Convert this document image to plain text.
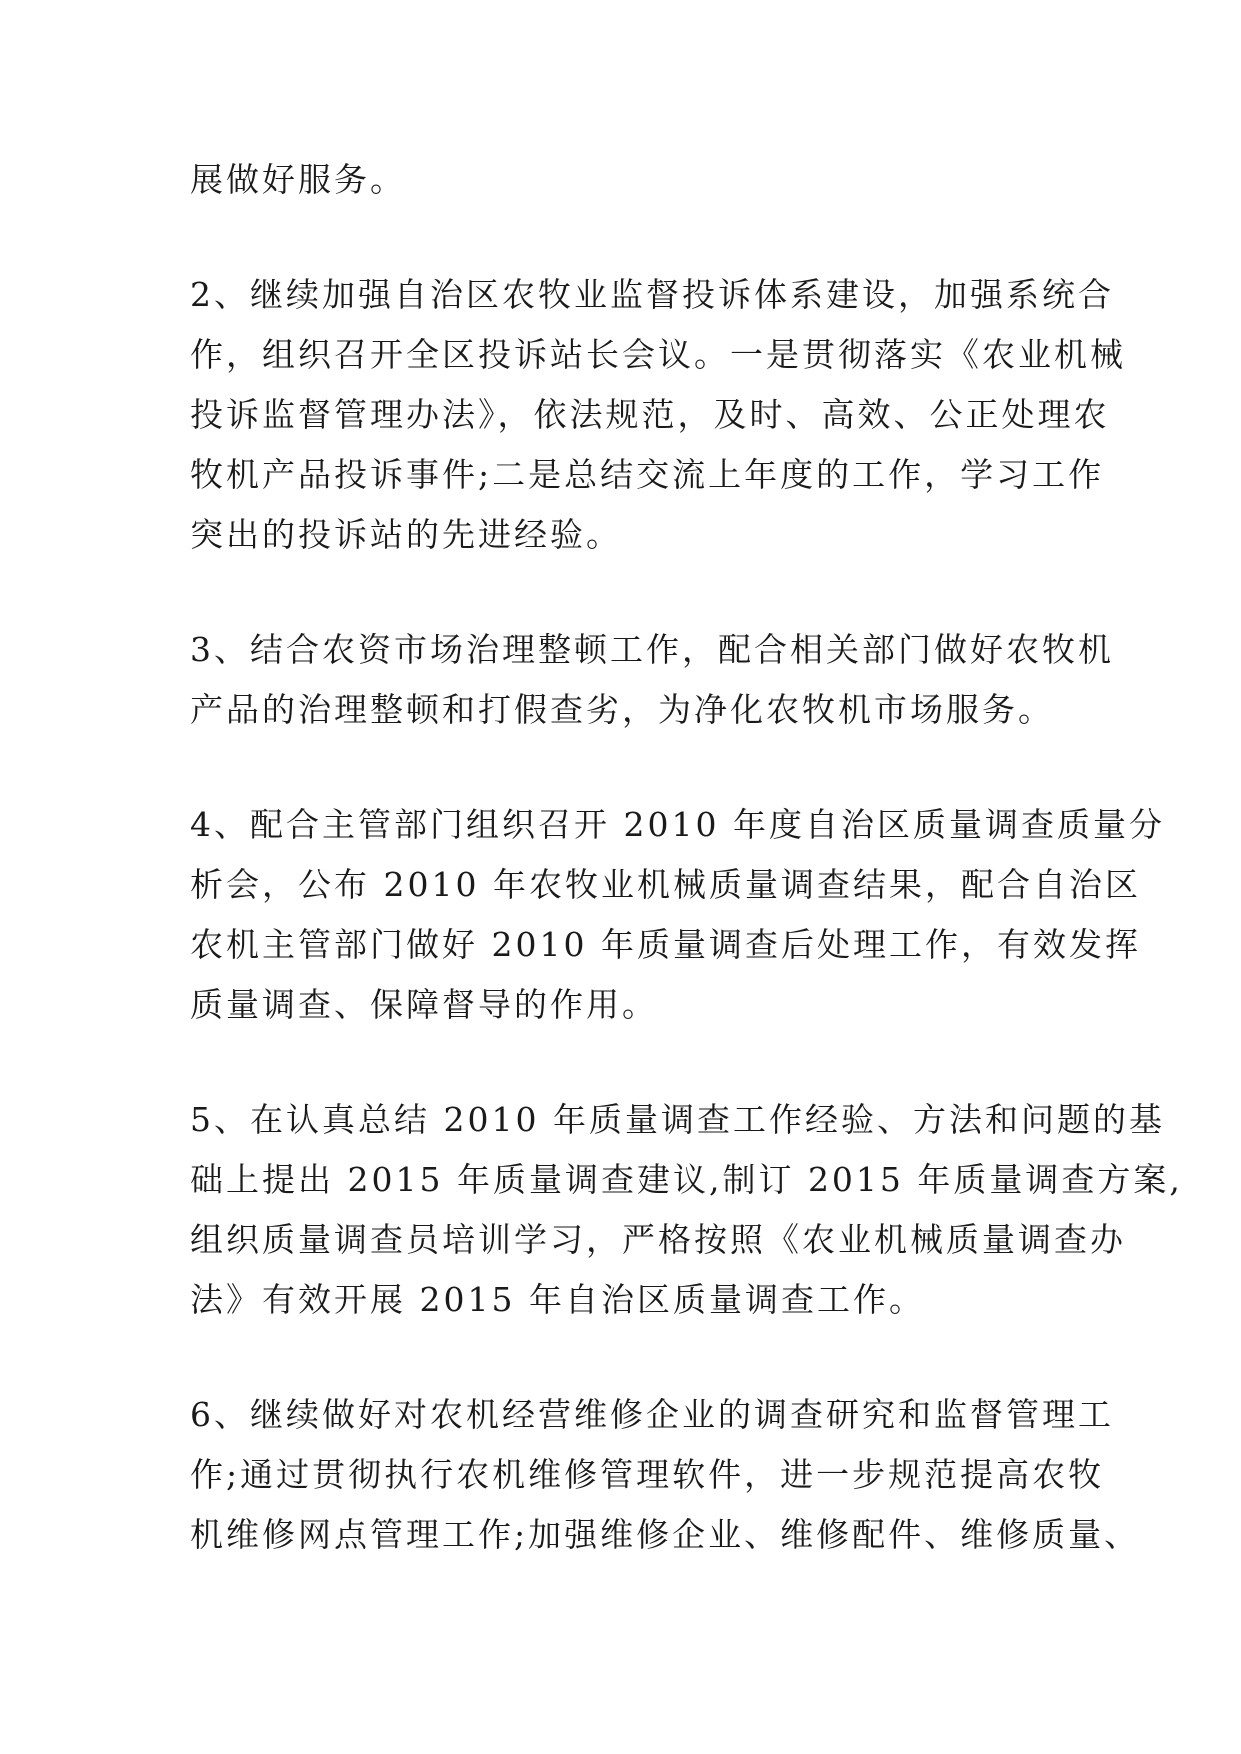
展做好服务。

2、继续加强自治区农牧业监督投诉体系建设，加强系统合
作，组织召开全区投诉站长会议。一是贯彻落实《农业机械
投诉监督管理办法》，依法规范，及时、高效、公正处理农
牧机产品投诉事件;二是总结交流上年度的工作，学习工作
突出的投诉站的先进经验。

3、结合农资市场治理整顿工作，配合相关部门做好农牧机
产品的治理整顿和打假查劣，为净化农牧机市场服务。

4、配合主管部门组织召开 2010 年度自治区质量调查质量分
析会，公布 2010 年农牧业机械质量调查结果，配合自治区
农机主管部门做好 2010 年质量调查后处理工作，有效发挥
质量调查、保障督导的作用。

5、在认真总结 2010 年质量调查工作经验、方法和问题的基
础上提出 2015 年质量调查建议,制订 2015 年质量调查方案,
组织质量调查员培训学习，严格按照《农业机械质量调查办
法》有效开展 2015 年自治区质量调查工作。

6、继续做好对农机经营维修企业的调查研究和监督管理工
作;通过贯彻执行农机维修管理软件，进一步规范提高农牧
机维修网点管理工作;加强维修企业、维修配件、维修质量、
